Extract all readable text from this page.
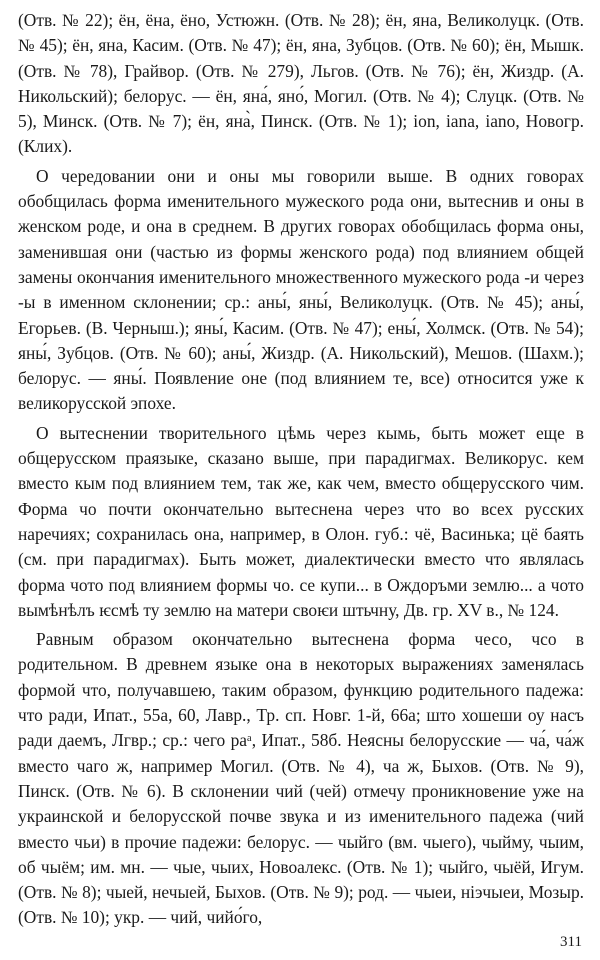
(Отв. № 22); ён, ёна, ёно, Устюжн. (Отв. № 28); ён, яна, Великолуцк. (Отв. № 45); ён, яна, Касим. (Отв. № 47); ён, яна, Зубцов. (Отв. № 60); ён, Мышк. (Отв. № 78), Грайвор. (Отв. № 279), Льгов. (Отв. № 76); ён, Жиздр. (А. Никольский); белорус. — ён, яна́, яно́, Могил. (Отв. № 4); Слуцк. (Отв. № 5), Минск. (Отв. № 7); ён, яна̀, Пинск. (Отв. № 1); ion, iana, iano, Новогр. (Клих).

О чередовании они и оны мы говорили выше. В одних говорах обобщилась форма именительного мужеского рода они, вытеснив и оны в женском роде, и она в среднем. В других говорах обобщилась форма оны, заменившая они (частью из формы женского рода) под влиянием общей замены окончания именительного множественного мужеского рода -и через -ы в именном склонении; ср.: аны́, яны́, Великолуцк. (Отв. № 45); аны́, Егорьев. (В. Черныш.); яны́, Касим. (Отв. № 47); ены́, Холмск. (Отв. № 54); яны́, Зубцов. (Отв. № 60); аны́, Жиздр. (А. Никольский), Мешов. (Шахм.); белорус. — яны́. Появление оне (под влиянием те, все) относится уже к великорусской эпохе.

О вытеснении творительного цѣмь через кымь, быть может еще в общерусском праязыке, сказано выше, при парадигмах. Великорус. кем вместо кым под влиянием тем, так же, как чем, вместо общерусского чим. Форма чо почти окончательно вытеснена через что во всех русских наречиях; сохранилась она, например, в Олон. губ.: чё, Васинька; цё баять (см. при парадигмах). Быть может, диалектически вместо что являлась форма чото под влиянием формы чо. се купи... в Ождоръми землю... а чото вымѣнѣлъ ѥсмѣ ту землю на матери своѥи штьчну, Дв. гр. XV в., № 124.

Равным образом окончательно вытеснена форма чесо, чсо в родительном. В древнем языке она в некоторых выражениях заменялась формой что, получавшею, таким образом, функцию родительного падежа: что ради, Ипат., 55а, 60, Лавр., Тр. сп. Новг. 1-й, 66а; што хошеши оу насъ ради даемъ, Лгвр.; ср.: чего раᵃ, Ипат., 58б. Неясны белорусские — ча́, ча́ж вместо чаго ж, например Могил. (Отв. № 4), ча ж, Быхов. (Отв. № 9), Пинск. (Отв. № 6). В склонении чий (чей) отмечу проникновение уже на украинской и белорусской почве звука и из именительного падежа (чий вместо чьи) в прочие падежи: белорус. — чыйго (вм. чыего), чыйму, чыим, об чыём; им. мн. — чые, чыих, Новоалекс. (Отв. № 1); чыйго, чыёй, Игум. (Отв. № 8); чыей, нечыей, Быхов. (Отв. № 9); род. — чыеи, ніэчыеи, Мозыр. (Отв. № 10); укр. — чий, чийо́го,

311
